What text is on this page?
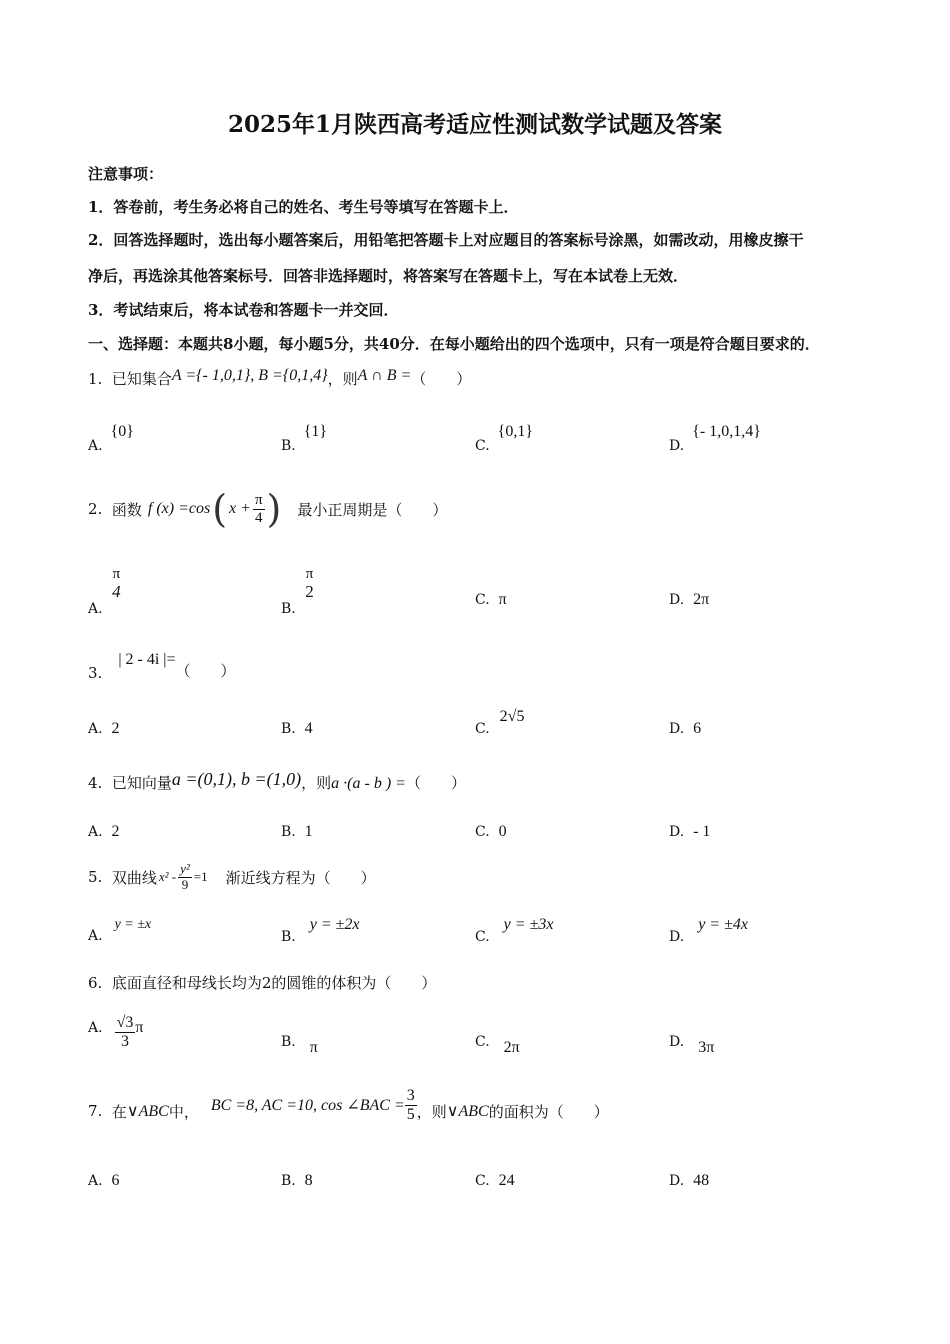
2025年1月陕西高考适应性测试数学试题及答案
注意事项：
1．答卷前，考生务必将自己的姓名、考生号等填写在答题卡上．
2．回答选择题时，选出每小题答案后，用铅笔把答题卡上对应题目的答案标号涂黑，如需改动，用橡皮擦干
净后，再选涂其他答案标号．回答非选择题时，将答案写在答题卡上，写在本试卷上无效．
3．考试结束后，将本试卷和答题卡一并交回．
一、选择题：本题共8小题，每小题5分，共40分．在每小题给出的四个选项中，只有一项是符合题目要求的．
1. 已知集合A ={- 1,0,1}, B ={0,1,4}，则A ∩ B =（　　）
A.{0}
B.{1}
C.{0,1}
D.{- 1,0,1,4}
2.
函数 f (x) =cos ( $x + \frac{\pi}{4}$ ) 最小正周期是（　　）
A.
π
4
B.
π
2	C. π	D. 2π
3.| 2 - 4i |=（　　）
A. 2	B. 4	C.2√5
D. 6
4. 已知向量a =(0,1), b =(1,0)，则a ·(a - b ) =（　　）
A. 2	B. 1	C. 0	D. - 1
5.
双曲线 $x^2 - \frac{\text{y²}}{9} =1$ 渐近线方程为（　　）
A.y = ±x
B.y = ±2x
C.y = ±3x
D.y = ±4x
6. 底面直径和母线长均为2的圆锥的体积为（　　）
A. $\frac{√3}{3}$ π
B. π	C. 2π	D. 3π
7.
在 ∨ABC 中， BC =8, AC =10, cos ∠BAC = $\frac{3}{5}$ ，则 ∨ABC 的面积为（　　）
A. 6	B. 8	C. 24	D. 48
